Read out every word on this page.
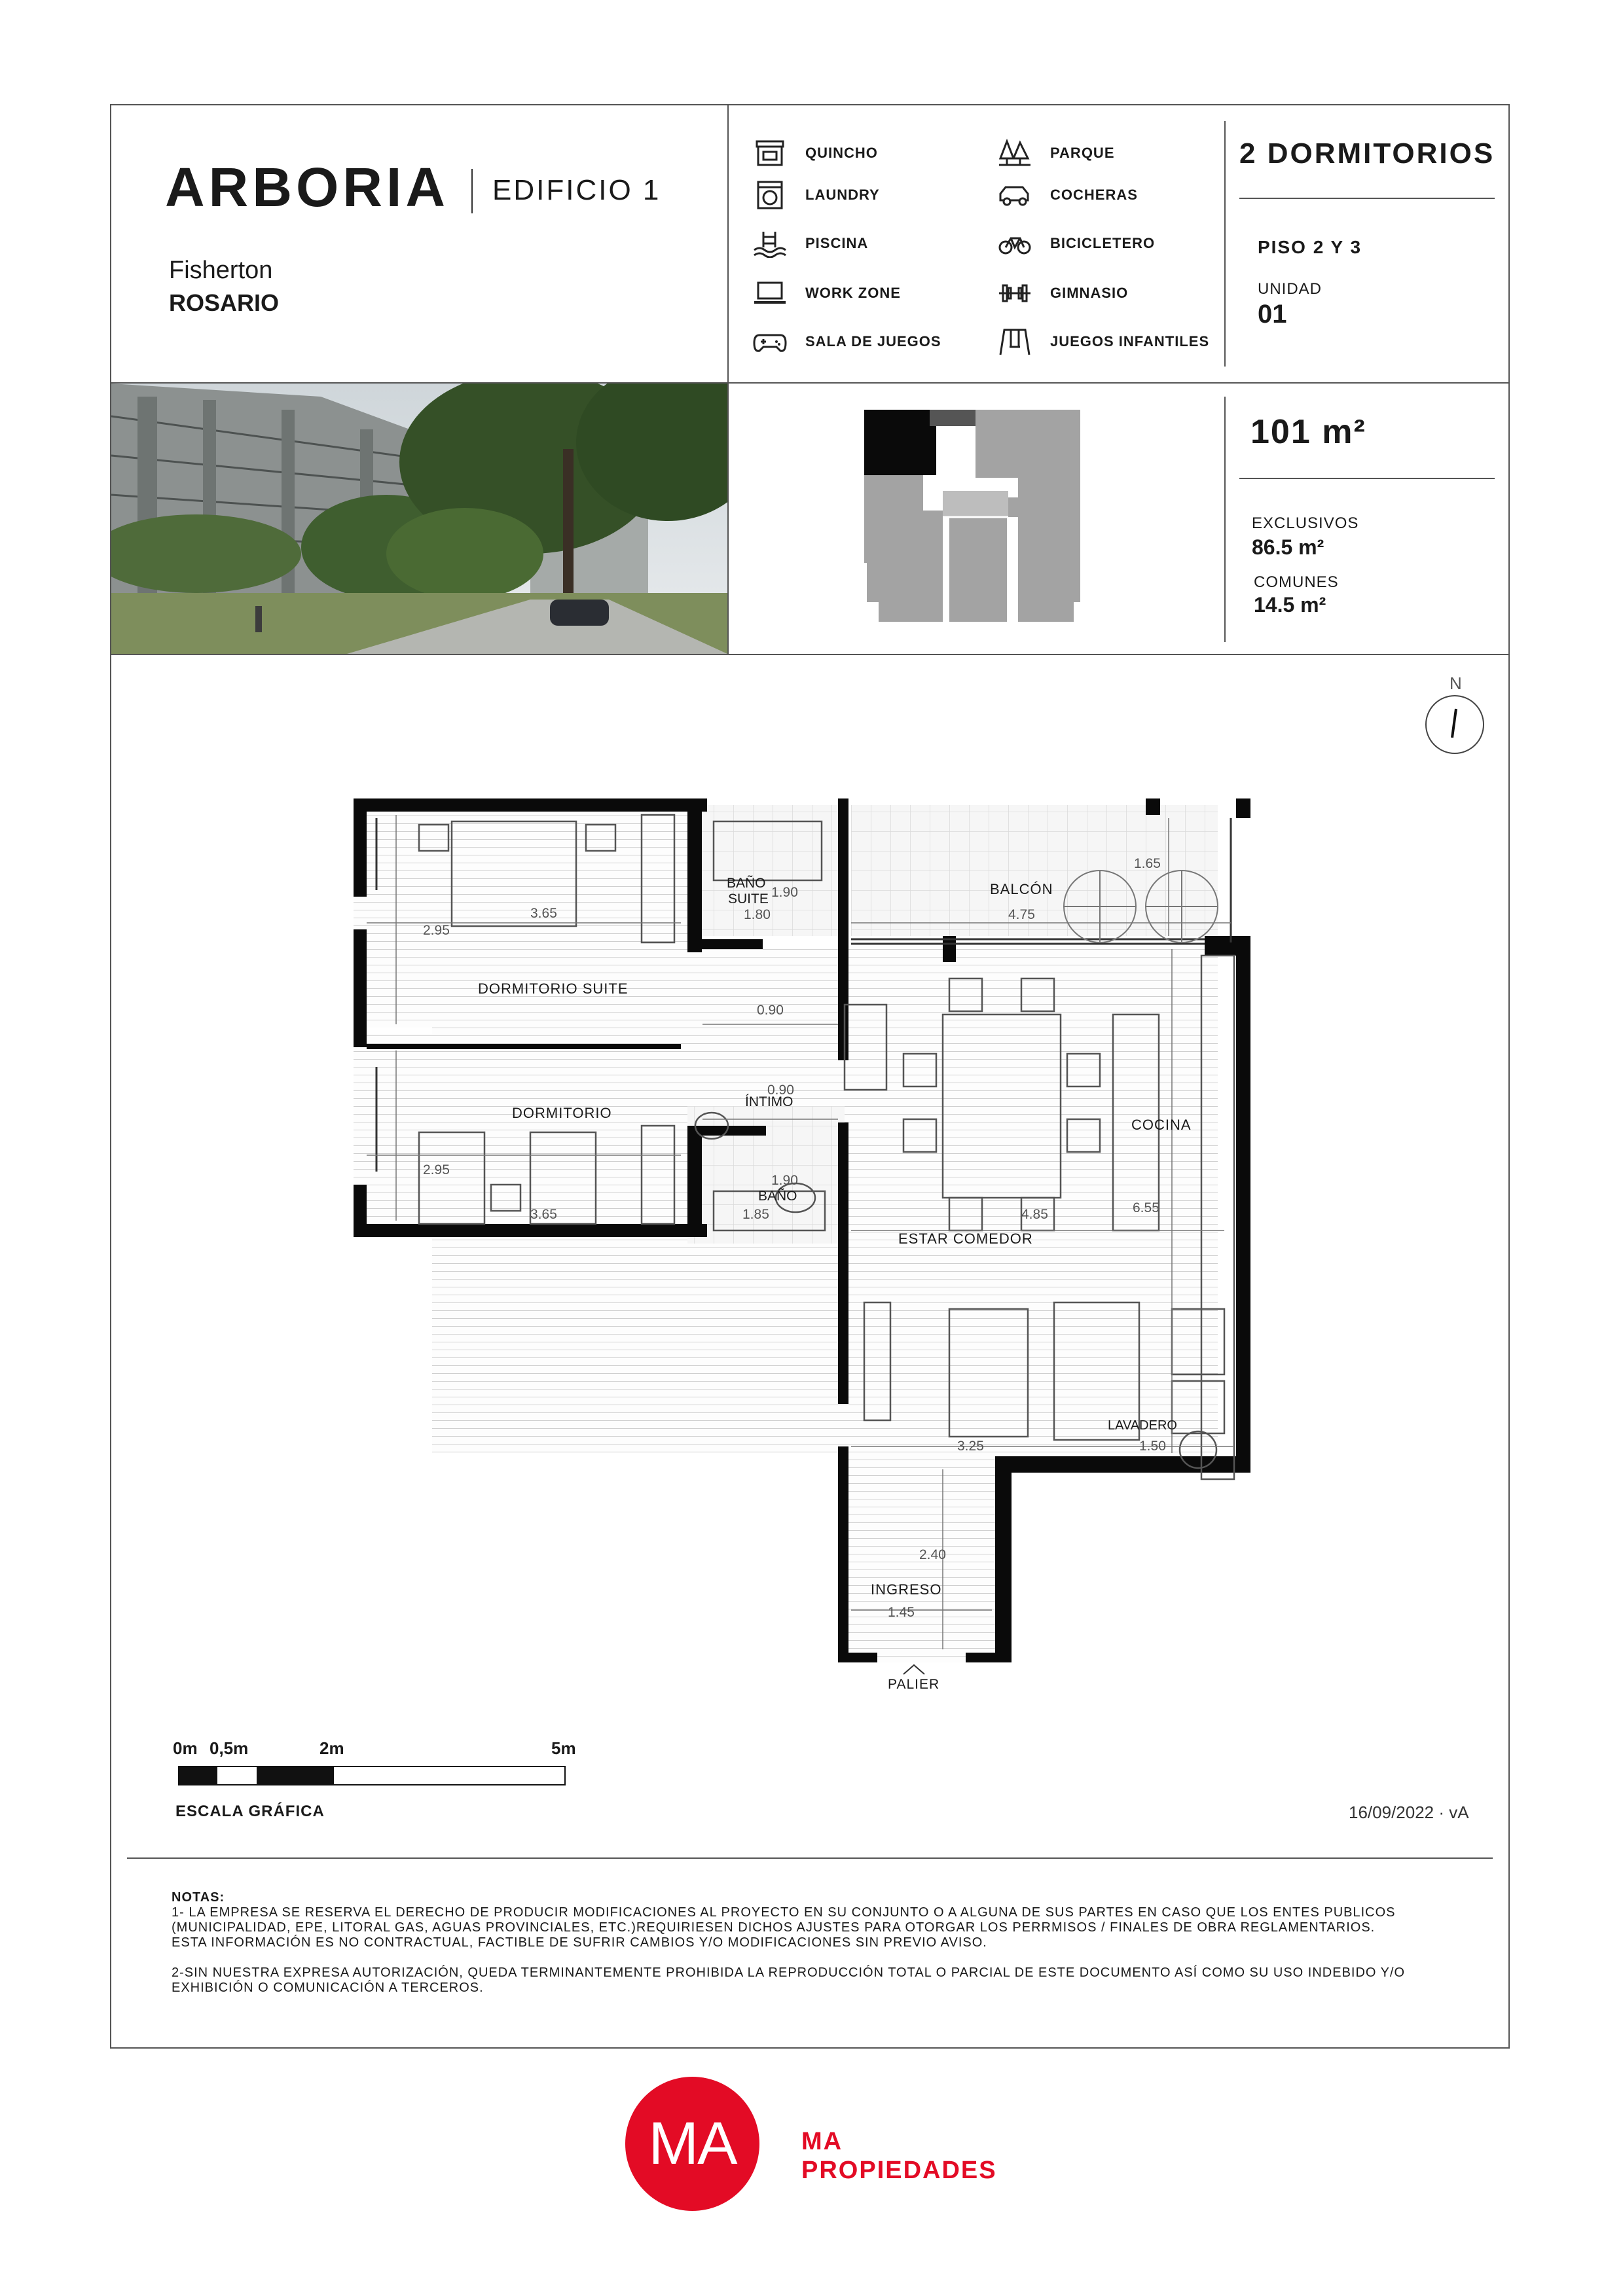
ARBORIA EDIFICIO 1
Fisherton
ROSARIO
QUINCHO	PARQUE
LAUNDRY	COCHERAS
PISCINA	BICICLETERO
WORK ZONE	GIMNASIO
SALA DE JUEGOS	JUEGOS INFANTILES
2 DORMITORIOS
PISO 2 Y 3
UNIDAD
01
101 m²
EXCLUSIVOS
86.5 m²
COMUNES
14.5 m²
N
DORMITORIO SUITE
DORMITORIO
BAÑO
SUITE
BAÑO
ÍNTIMO
BALCÓN
COCINA
ESTAR COMEDOR
LAVADERO
INGRESO
PALIER
3.65
2.95
3.65
2.95
1.80
1.90
1.85
1.90
0.90
0.90
4.75
1.65
4.85	6.55
3.25	1.50
2.40
1.45
0m 0,5m	2m	5m
ESCALA GRÁFICA	16/09/2022 · vA
NOTAS:
1- LA EMPRESA SE RESERVA EL DERECHO DE PRODUCIR MODIFICACIONES AL PROYECTO EN SU CONJUNTO O A ALGUNA DE SUS PARTES EN CASO QUE LOS ENTES PUBLICOS
(MUNICIPALIDAD, EPE, LITORAL GAS, AGUAS PROVINCIALES, ETC.)REQUIRIESEN DICHOS AJUSTES PARA OTORGAR LOS PERRMISOS / FINALES DE OBRA REGLAMENTARIOS.
ESTA INFORMACIÓN ES NO CONTRACTUAL, FACTIBLE DE SUFRIR CAMBIOS Y/O MODIFICACIONES SIN PREVIO AVISO.
2-SIN NUESTRA EXPRESA AUTORIZACIÓN, QUEDA TERMINANTEMENTE PROHIBIDA LA REPRODUCCIÓN TOTAL O PARCIAL DE ESTE DOCUMENTO ASÍ COMO SU USO INDEBIDO Y/O
EXHIBICIÓN O COMUNICACIÓN A TERCEROS.
MA	MA
PROPIEDADES
